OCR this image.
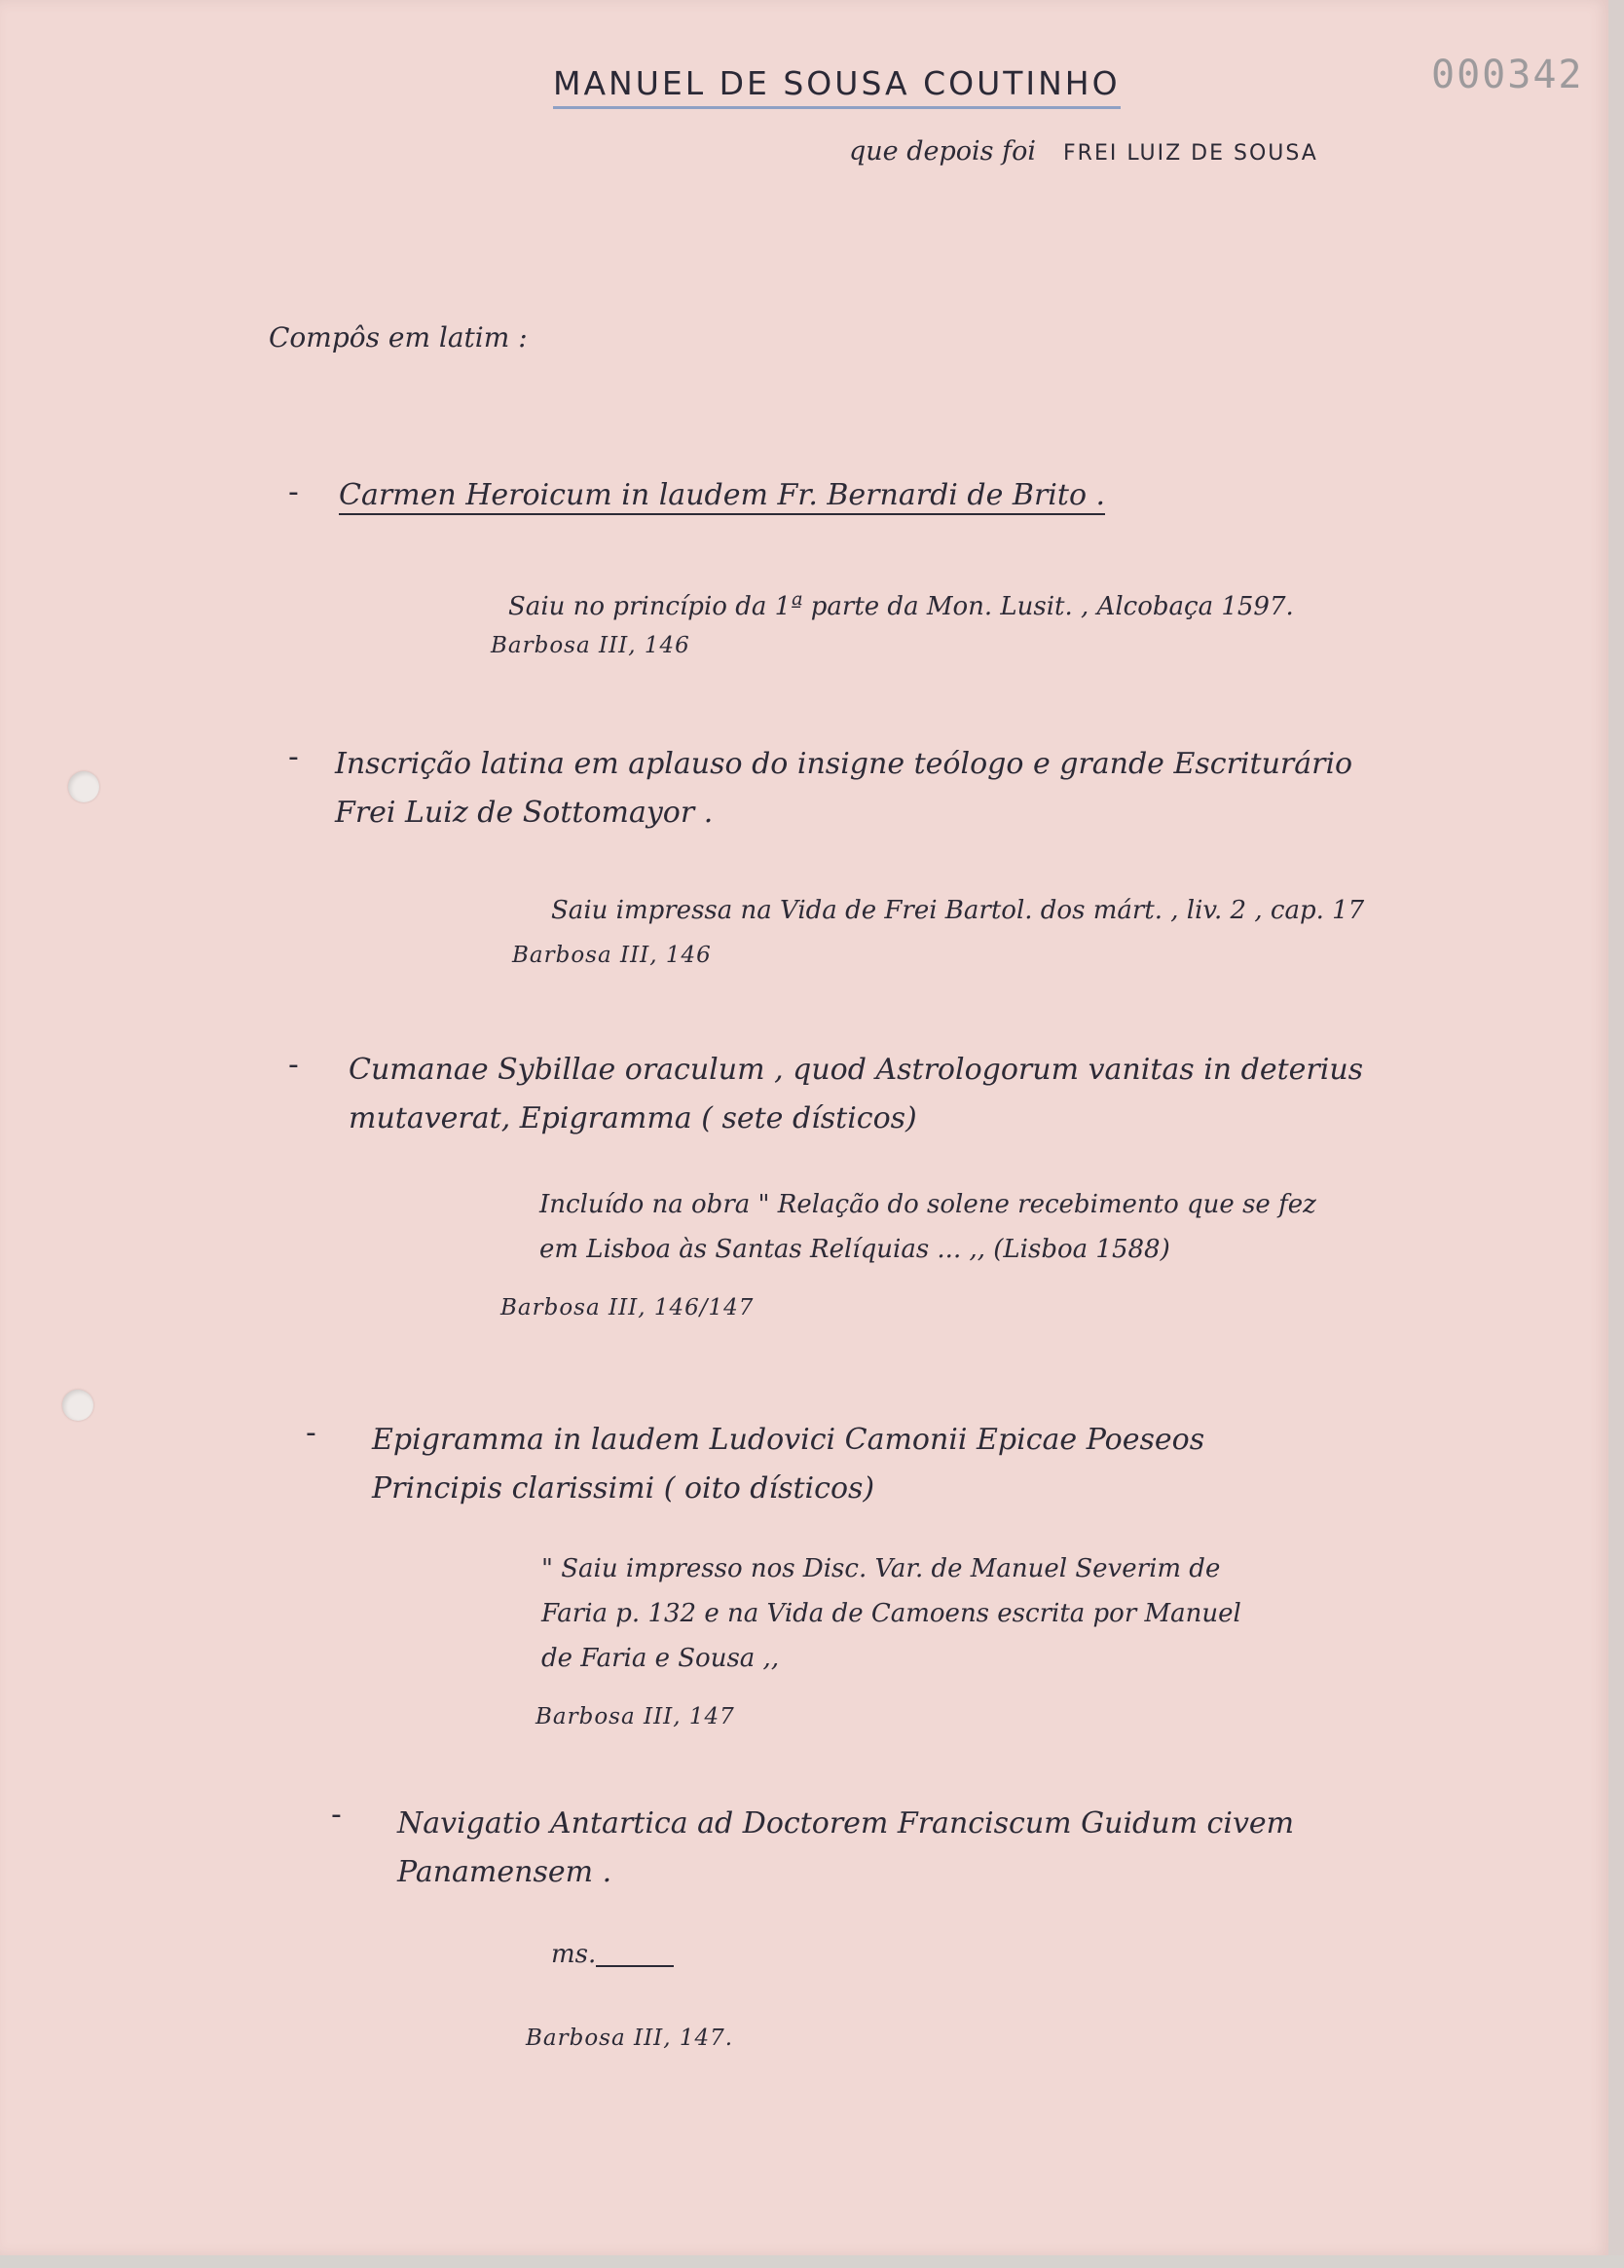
MANUEL DE SOUSA COUTINHO	000342

que depois foi FREI LUIZ DE SOUSA

Compôs em latim :

- Carmen Heroicum in laudem Fr. Bernardi de Brito .

Saiu no princípio da 1ª parte da Mon. Lusit. , Alcobaça 1597.

Barbosa III, 146

- Inscrição latina em aplauso do insigne teólogo e grande Escriturário
Frei Luiz de Sottomayor .

Saiu impressa na Vida de Frei Bartol. dos márt. , liv. 2 , cap. 17

Barbosa III, 146

- Cumanae Sybillae oraculum , quod Astrologorum vanitas in deterius
mutaverat, Epigramma ( sete dísticos)

Incluído na obra " Relação do solene recebimento que se fez
em Lisboa às Santas Relíquias ... ,, (Lisboa 1588)

Barbosa III, 146/147

- Epigramma in laudem Ludovici Camonii Epicae Poeseos
Principis clarissimi ( oito dísticos)

" Saiu impresso nos Disc. Var. de Manuel Severim de
Faria p. 132 e na Vida de Camoens escrita por Manuel
de Faria e Sousa ,,

Barbosa III, 147

- Navigatio Antartica ad Doctorem Franciscum Guidum civem
Panamensem .

ms.

Barbosa III, 147.
